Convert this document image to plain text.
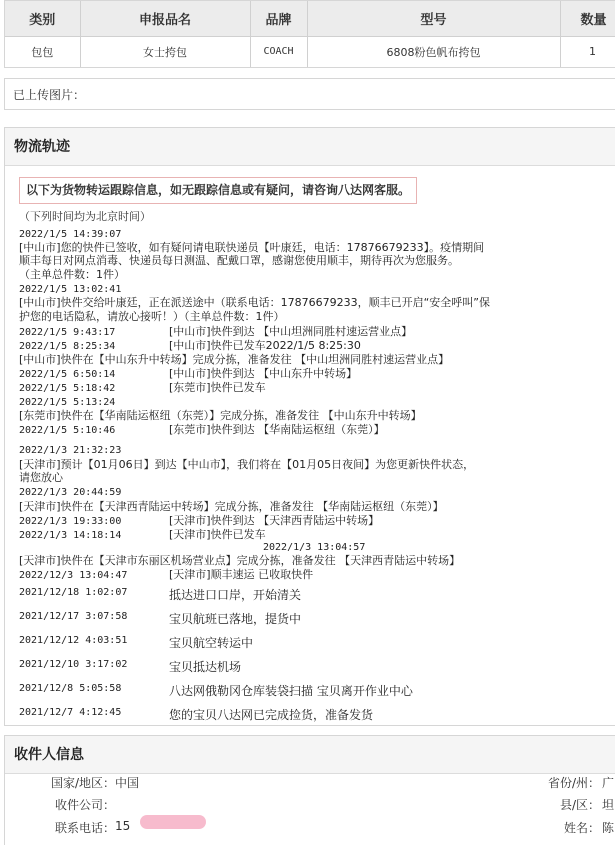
类别	申报品名	品牌	型号	数量
包包	女士挎包	COACH	6808粉色帆布挎包	1
已上传图片：
物流轨迹
以下为货物转运跟踪信息，如无跟踪信息或有疑问，请咨询八达网客服。
（下列时间均为北京时间）
2022/1/5 14:39:07
[中山市]您的快件已签收，如有疑问请电联快递员【叶康廷，电话：17876679233】。疫情期间
顺丰每日对网点消毒、快递员每日测温、配戴口罩，感谢您使用顺丰，期待再次为您服务。
（主单总件数：1件）
2022/1/5 13:02:41
[中山市]快件交给叶康廷，正在派送途中（联系电话：17876679233，顺丰已开启“安全呼叫”保
护您的电话隐私，请放心接听！）（主单总件数：1件）
2022/1/5 9:43:17	[中山市]快件到达 【中山坦洲同胜村速运营业点】
2022/1/5 8:25:34	[中山市]快件已发车2022/1/5 8:25:30
[中山市]快件在【中山东升中转场】完成分拣，准备发往 【中山坦洲同胜村速运营业点】
2022/1/5 6:50:14	[中山市]快件到达 【中山东升中转场】
2022/1/5 5:18:42	[东莞市]快件已发车
2022/1/5 5:13:24
[东莞市]快件在【华南陆运枢纽（东莞）】完成分拣，准备发往 【中山东升中转场】
2022/1/5 5:10:46	[东莞市]快件到达 【华南陆运枢纽（东莞）】
2022/1/3 21:32:23
[天津市]预计【01月06日】到达【中山市】，我们将在【01月05日夜间】为您更新快件状态，
请您放心
2022/1/3 20:44:59
[天津市]快件在【天津西青陆运中转场】完成分拣，准备发往 【华南陆运枢纽（东莞）】
2022/1/3 19:33:00	[天津市]快件到达 【天津西青陆运中转场】
2022/1/3 14:18:14	[天津市]快件已发车
2022/1/3 13:04:57
[天津市]快件在【天津市东丽区机场营业点】完成分拣，准备发往 【天津西青陆运中转场】
2022/12/3 13:04:47	[天津市]顺丰速运 已收取快件
2021/12/18 1:02:07	抵达进口口岸，开始清关
2021/12/17 3:07:58	宝贝航班已落地，提货中
2021/12/12 4:03:51	宝贝航空转运中
2021/12/10 3:17:02	宝贝抵达机场
2021/12/8 5:05:58	八达网俄勒冈仓库装袋扫描 宝贝离开作业中心
2021/12/7 4:12:45	您的宝贝八达网已完成捡货，准备发货
收件人信息
国家/地区： 中国
收件公司：
联系电话： 15
省份/州： 广
县/区： 坦
姓名： 陈
